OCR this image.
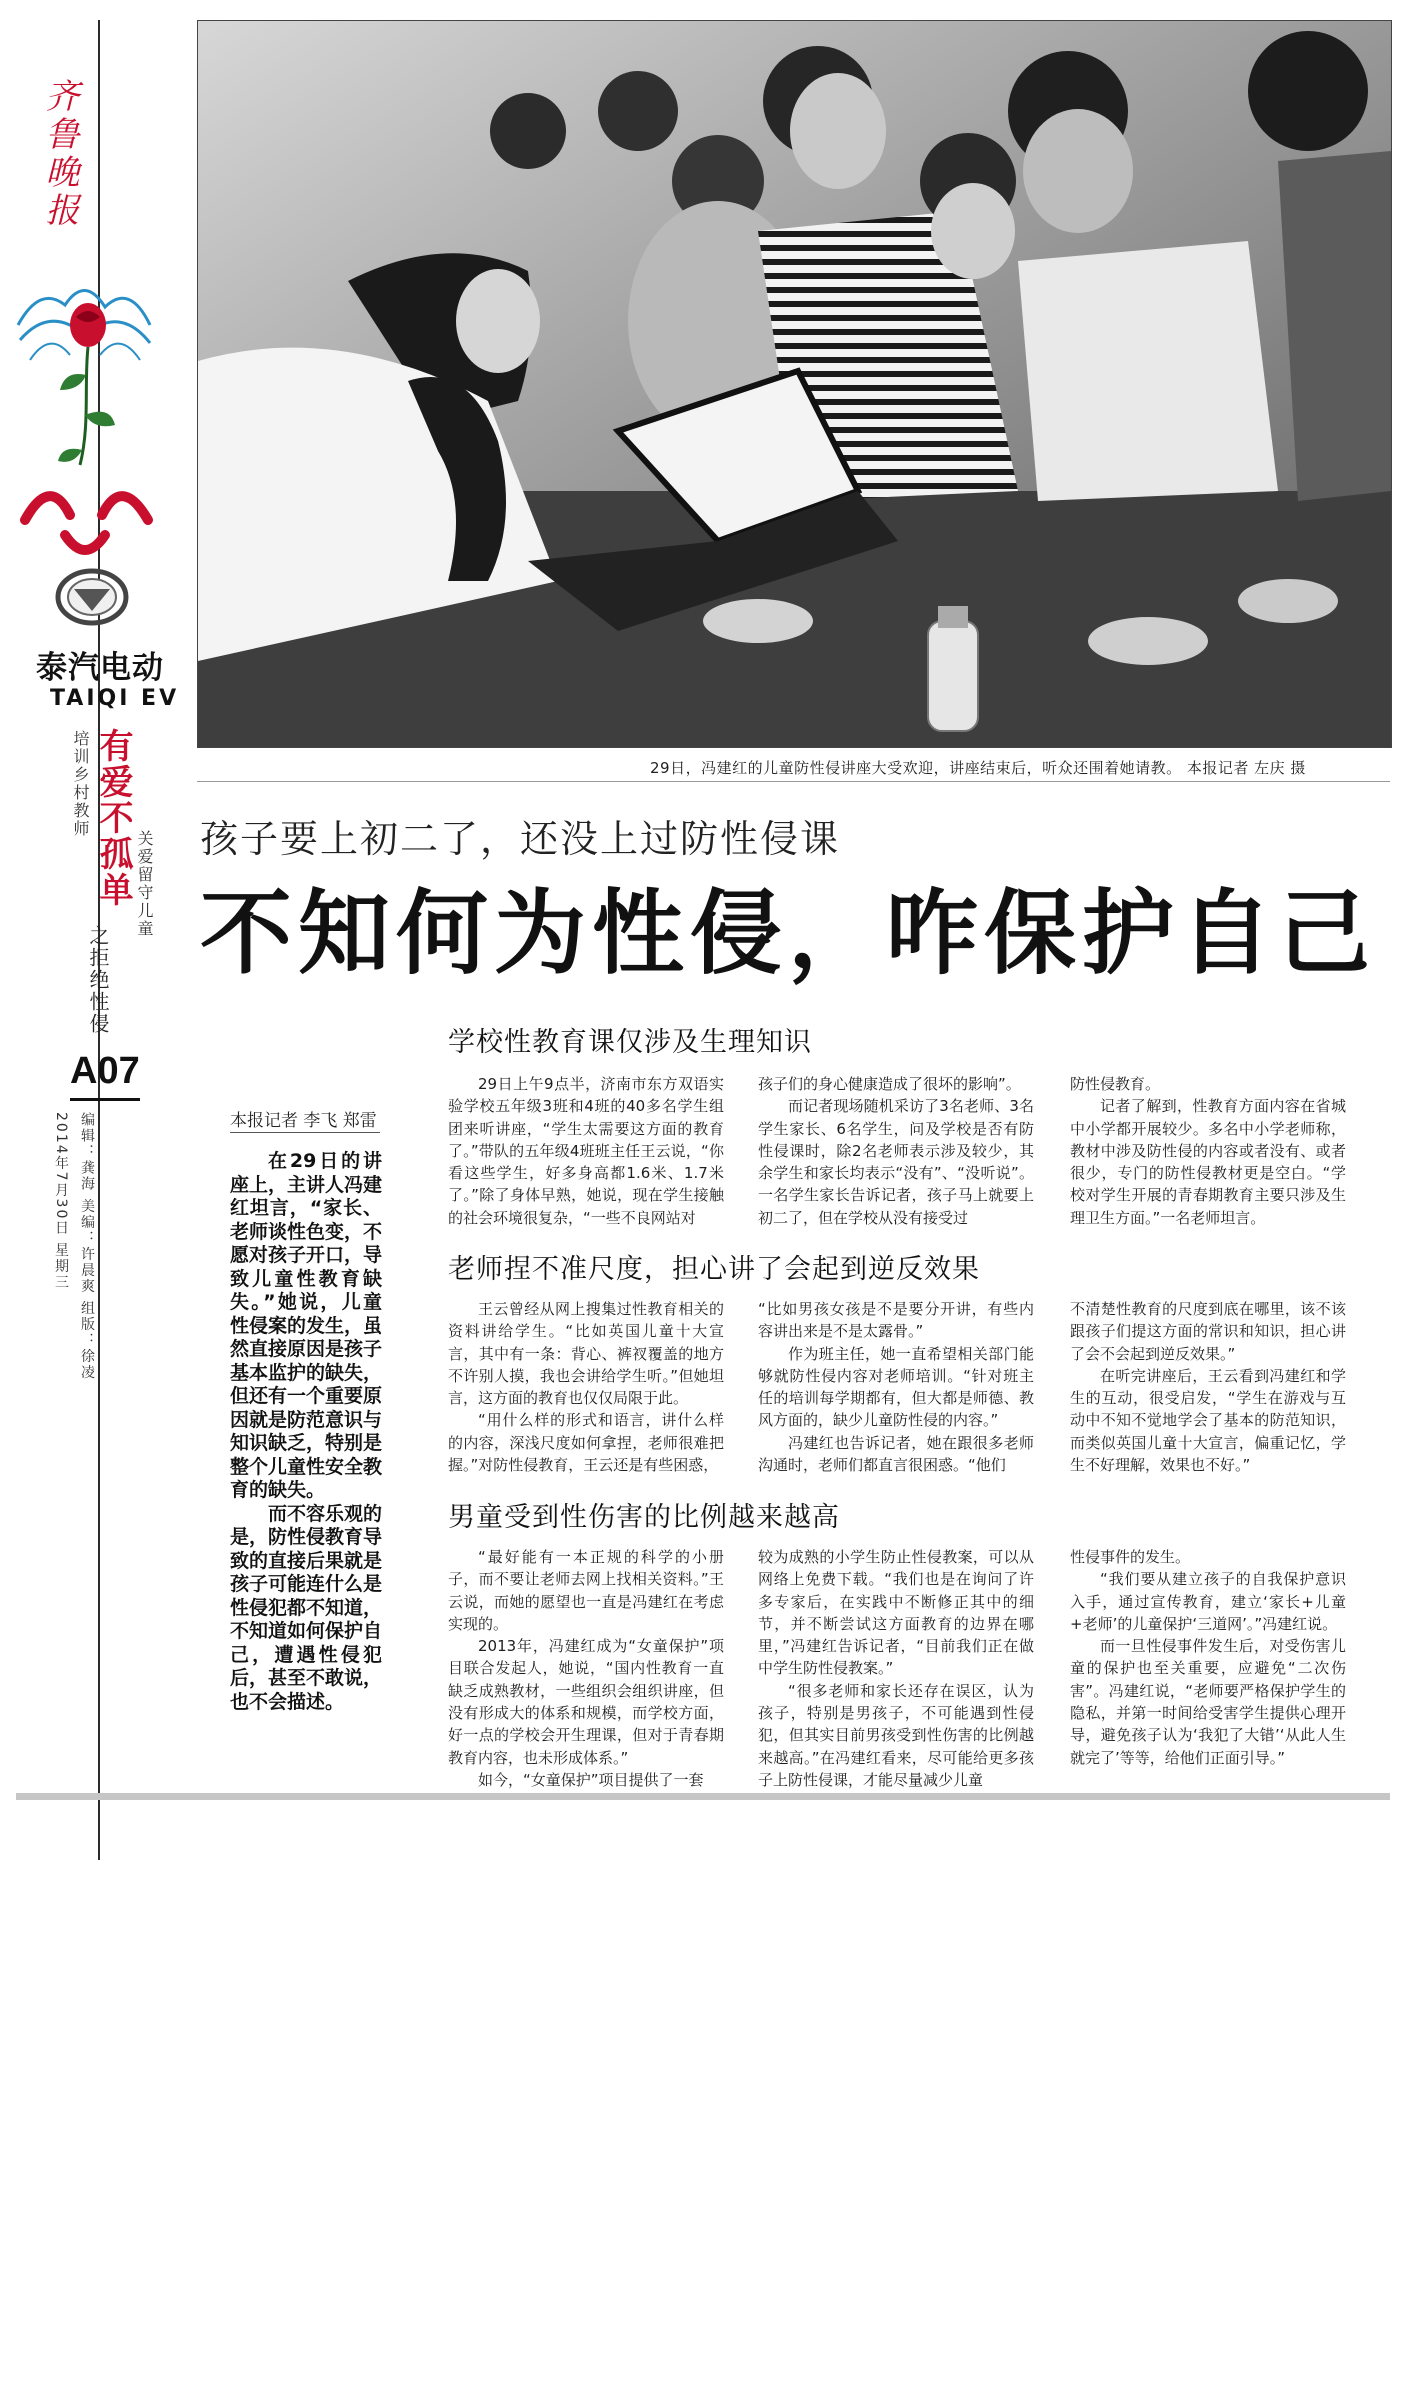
齐鲁晚报
泰汽电动
TAIQI EV
培训乡村教师 有爱不孤单 关爱留守儿童
之拒绝性侵
A07
2014年7月30日 星期三 编辑：龚海 美编：许晨爽 组版：徐凌
29日，冯建红的儿童防性侵讲座大受欢迎，讲座结束后，听众还围着她请教。 本报记者 左庆 摄
孩子要上初二了，还没上过防性侵课
不知何为性侵，咋保护自己
本报记者 李飞 郑雷

在29日的讲座上，主讲人冯建红坦言，“家长、老师谈性色变，不愿对孩子开口，导致儿童性教育缺失。”她说，儿童性侵案的发生，虽然直接原因是孩子基本监护的缺失，但还有一个重要原因就是防范意识与知识缺乏，特别是整个儿童性安全教育的缺失。

而不容乐观的是，防性侵教育导致的直接后果就是孩子可能连什么是性侵犯都不知道，不知道如何保护自己，遭遇性侵犯后，甚至不敢说，也不会描述。

学校性教育课仅涉及生理知识

29日上午9点半，济南市东方双语实验学校五年级3班和4班的40多名学生组团来听讲座，“学生太需要这方面的教育了。”带队的五年级4班班主任王云说，“你看这些学生，好多身高都1.6米、1.7米了。”除了身体早熟，她说，现在学生接触的社会环境很复杂，“一些不良网站对

孩子们的身心健康造成了很坏的影响”。

而记者现场随机采访了3名老师、3名学生家长、6名学生，问及学校是否有防性侵课时，除2名老师表示涉及较少，其余学生和家长均表示“没有”、“没听说”。一名学生家长告诉记者，孩子马上就要上初二了，但在学校从没有接受过

防性侵教育。

记者了解到，性教育方面内容在省城中小学都开展较少。多名中小学老师称，教材中涉及防性侵的内容或者没有、或者很少，专门的防性侵教材更是空白。“学校对学生开展的青春期教育主要只涉及生理卫生方面。”一名老师坦言。

老师捏不准尺度，担心讲了会起到逆反效果

王云曾经从网上搜集过性教育相关的资料讲给学生。“比如英国儿童十大宣言，其中有一条：背心、裤衩覆盖的地方不许别人摸，我也会讲给学生听。”但她坦言，这方面的教育也仅仅局限于此。

“用什么样的形式和语言，讲什么样的内容，深浅尺度如何拿捏，老师很难把握。”对防性侵教育，王云还是有些困惑，

“比如男孩女孩是不是要分开讲，有些内容讲出来是不是太露骨。”

作为班主任，她一直希望相关部门能够就防性侵内容对老师培训。“针对班主任的培训每学期都有，但大都是师德、教风方面的，缺少儿童防性侵的内容。”

冯建红也告诉记者，她在跟很多老师沟通时，老师们都直言很困惑。“他们

不清楚性教育的尺度到底在哪里，该不该跟孩子们提这方面的常识和知识，担心讲了会不会起到逆反效果。”

在听完讲座后，王云看到冯建红和学生的互动，很受启发，“学生在游戏与互动中不知不觉地学会了基本的防范知识，而类似英国儿童十大宣言，偏重记忆，学生不好理解，效果也不好。”

男童受到性伤害的比例越来越高

“最好能有一本正规的科学的小册子，而不要让老师去网上找相关资料。”王云说，而她的愿望也一直是冯建红在考虑实现的。

2013年，冯建红成为“女童保护”项目联合发起人，她说，“国内性教育一直缺乏成熟教材，一些组织会组织讲座，但没有形成大的体系和规模，而学校方面，好一点的学校会开生理课，但对于青春期教育内容，也未形成体系。”

如今，“女童保护”项目提供了一套

较为成熟的小学生防止性侵教案，可以从网络上免费下载。“我们也是在询问了许多专家后，在实践中不断修正其中的细节，并不断尝试这方面教育的边界在哪里，”冯建红告诉记者，“目前我们正在做中学生防性侵教案。”

“很多老师和家长还存在误区，认为孩子，特别是男孩子，不可能遇到性侵犯，但其实目前男孩受到性伤害的比例越来越高。”在冯建红看来，尽可能给更多孩子上防性侵课，才能尽量减少儿童

性侵事件的发生。

“我们要从建立孩子的自我保护意识入手，通过宣传教育，建立‘家长+儿童+老师’的儿童保护‘三道网’。”冯建红说。

而一旦性侵事件发生后，对受伤害儿童的保护也至关重要，应避免“二次伤害”。冯建红说，“老师要严格保护学生的隐私，并第一时间给受害学生提供心理开导，避免孩子认为‘我犯了大错’‘从此人生就完了’等等，给他们正面引导。”
